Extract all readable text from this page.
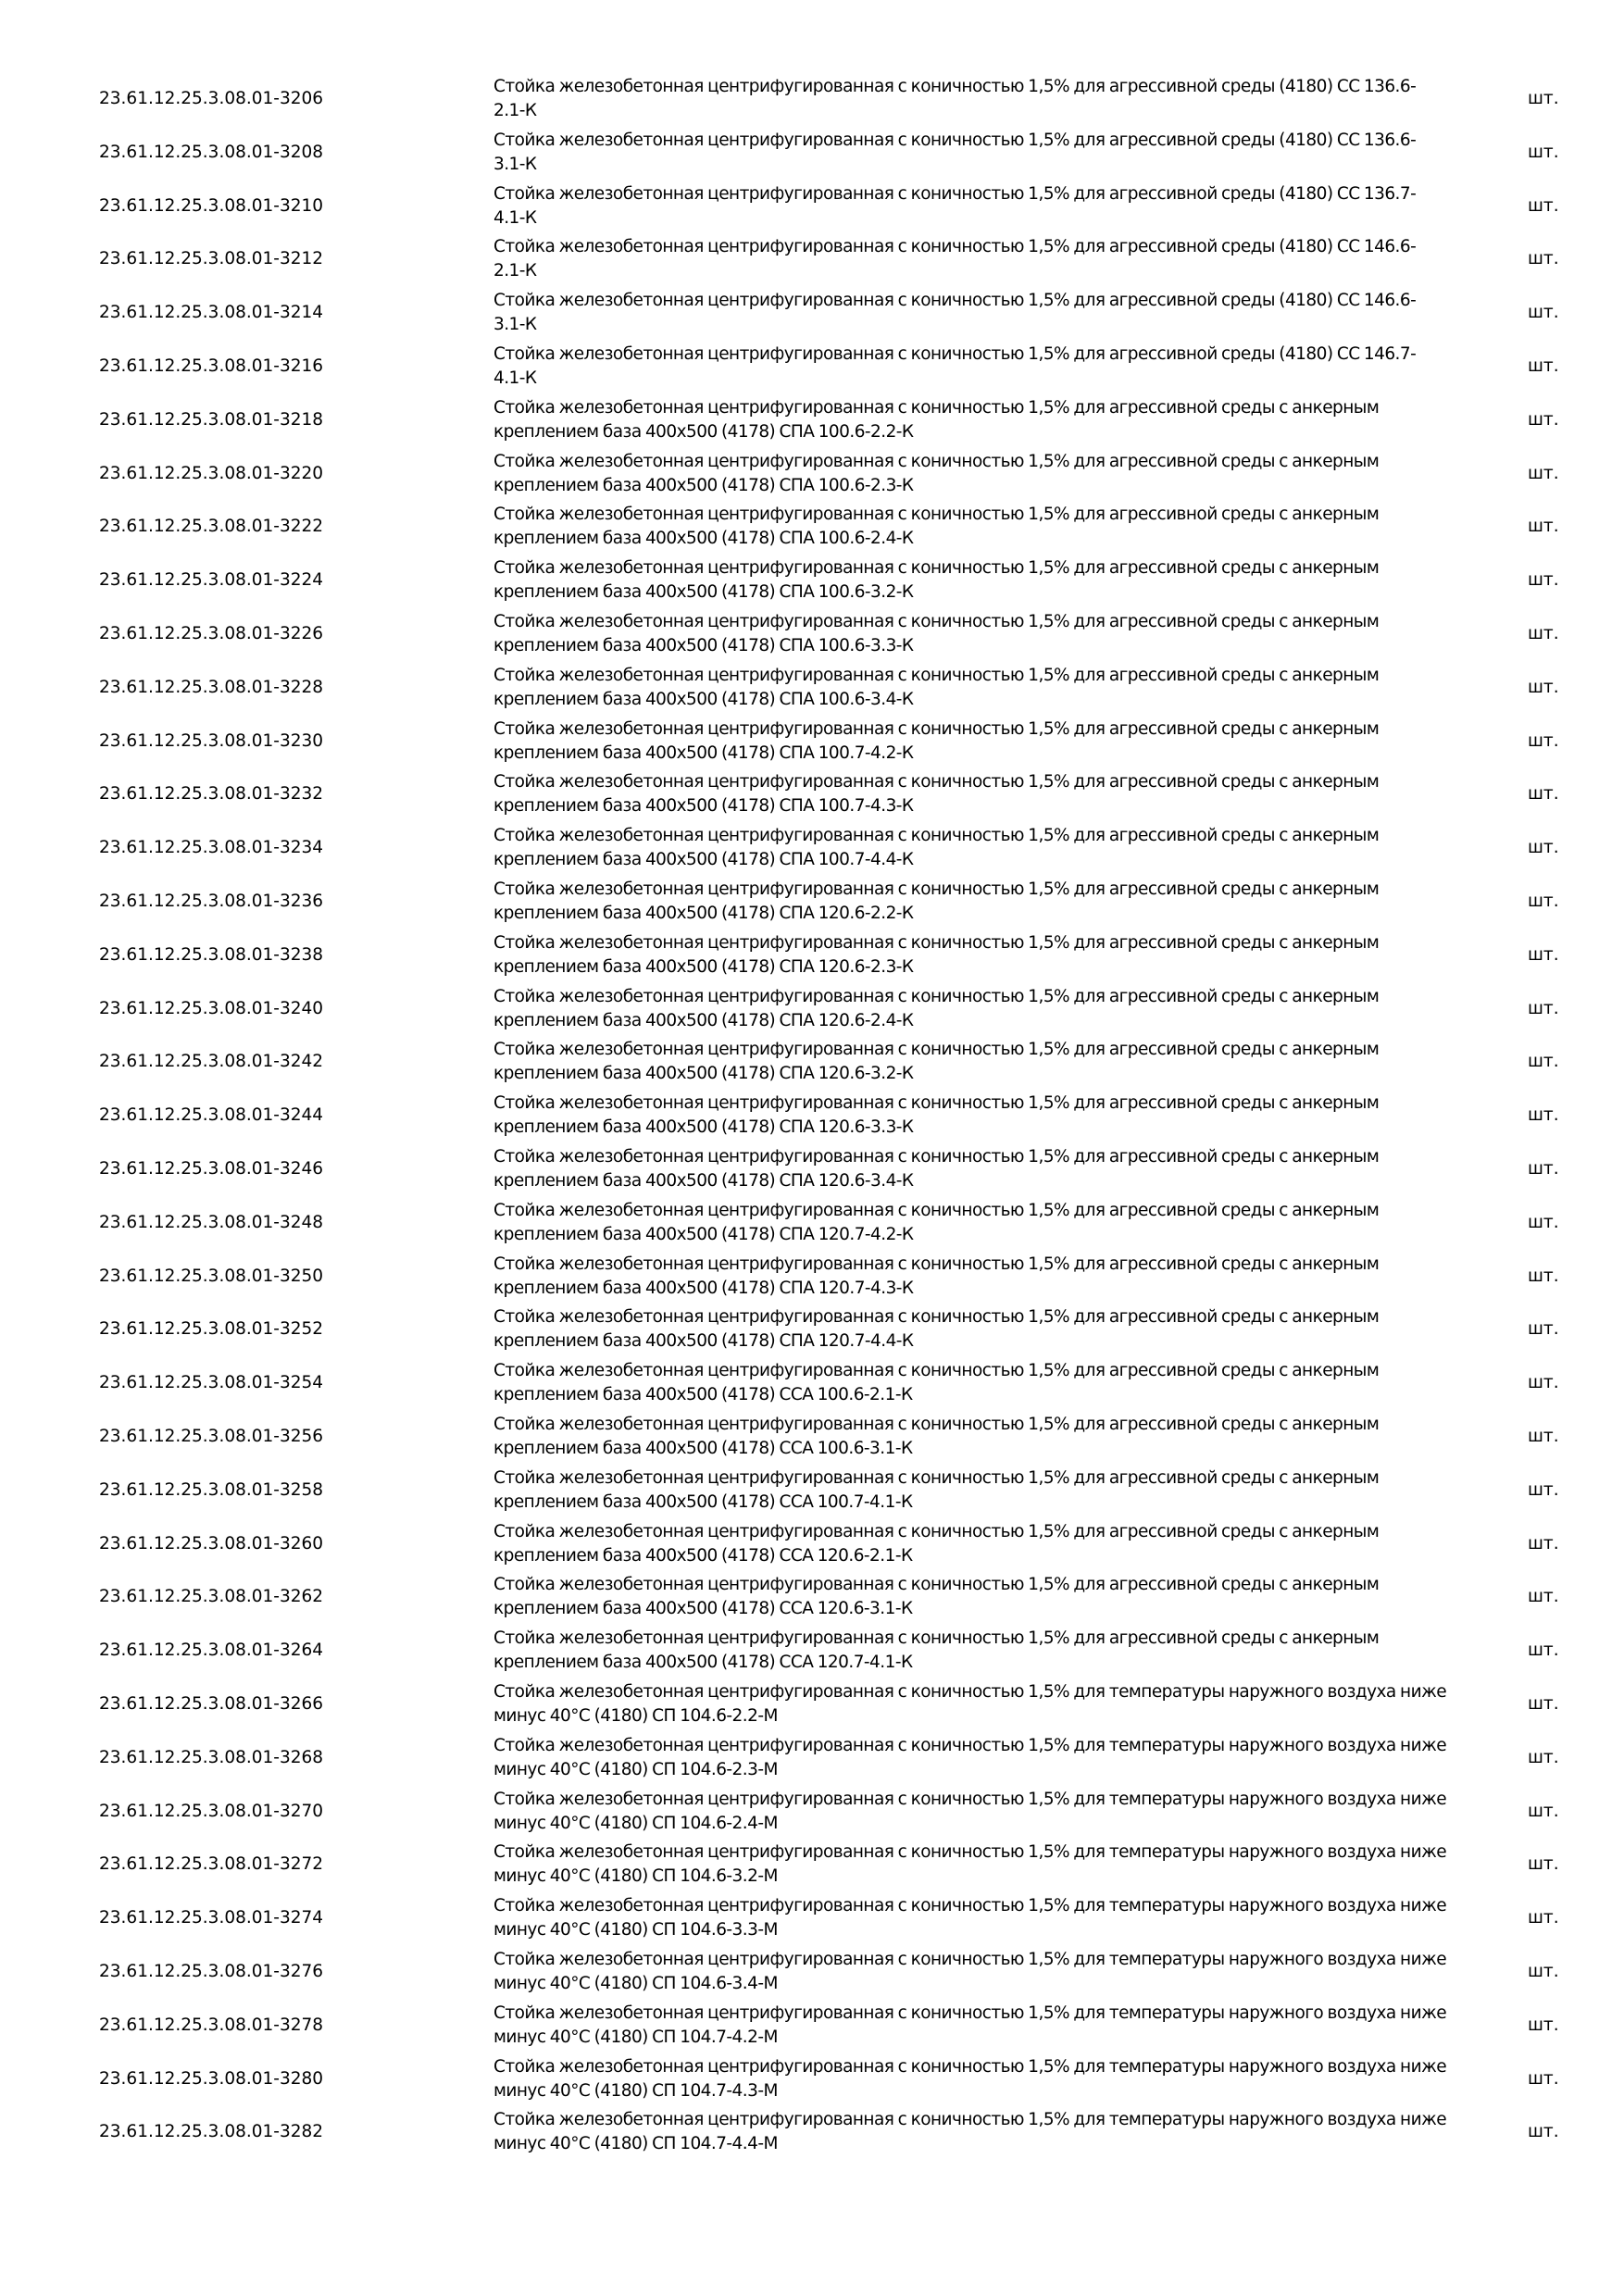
23.61.12.25.3.08.01-3206
Стойка железобетонная центрифугированная с коничностью 1,5% для агрессивной среды (4180) СС 136.6-2.1-К
шт.
23.61.12.25.3.08.01-3208
Стойка железобетонная центрифугированная с коничностью 1,5% для агрессивной среды (4180) СС 136.6-3.1-К
шт.
23.61.12.25.3.08.01-3210
Стойка железобетонная центрифугированная с коничностью 1,5% для агрессивной среды (4180) СС 136.7-4.1-К
шт.
23.61.12.25.3.08.01-3212
Стойка железобетонная центрифугированная с коничностью 1,5% для агрессивной среды (4180) СС 146.6-2.1-К
шт.
23.61.12.25.3.08.01-3214
Стойка железобетонная центрифугированная с коничностью 1,5% для агрессивной среды (4180) СС 146.6-3.1-К
шт.
23.61.12.25.3.08.01-3216
Стойка железобетонная центрифугированная с коничностью 1,5% для агрессивной среды (4180) СС 146.7-4.1-К
шт.
23.61.12.25.3.08.01-3218
Стойка железобетонная центрифугированная с коничностью 1,5% для агрессивной среды с анкерным креплением база 400х500 (4178) СПА 100.6-2.2-К
шт.
23.61.12.25.3.08.01-3220
Стойка железобетонная центрифугированная с коничностью 1,5% для агрессивной среды с анкерным креплением база 400х500 (4178) СПА 100.6-2.3-К
шт.
23.61.12.25.3.08.01-3222
Стойка железобетонная центрифугированная с коничностью 1,5% для агрессивной среды с анкерным креплением база 400х500 (4178) СПА 100.6-2.4-К
шт.
23.61.12.25.3.08.01-3224
Стойка железобетонная центрифугированная с коничностью 1,5% для агрессивной среды с анкерным креплением база 400х500 (4178) СПА 100.6-3.2-К
шт.
23.61.12.25.3.08.01-3226
Стойка железобетонная центрифугированная с коничностью 1,5% для агрессивной среды с анкерным креплением база 400х500 (4178) СПА 100.6-3.3-К
шт.
23.61.12.25.3.08.01-3228
Стойка железобетонная центрифугированная с коничностью 1,5% для агрессивной среды с анкерным креплением база 400х500 (4178) СПА 100.6-3.4-К
шт.
23.61.12.25.3.08.01-3230
Стойка железобетонная центрифугированная с коничностью 1,5% для агрессивной среды с анкерным креплением база 400х500 (4178) СПА 100.7-4.2-К
шт.
23.61.12.25.3.08.01-3232
Стойка железобетонная центрифугированная с коничностью 1,5% для агрессивной среды с анкерным креплением база 400х500 (4178) СПА 100.7-4.3-К
шт.
23.61.12.25.3.08.01-3234
Стойка железобетонная центрифугированная с коничностью 1,5% для агрессивной среды с анкерным креплением база 400х500 (4178) СПА 100.7-4.4-К
шт.
23.61.12.25.3.08.01-3236
Стойка железобетонная центрифугированная с коничностью 1,5% для агрессивной среды с анкерным креплением база 400х500 (4178) СПА 120.6-2.2-К
шт.
23.61.12.25.3.08.01-3238
Стойка железобетонная центрифугированная с коничностью 1,5% для агрессивной среды с анкерным креплением база 400х500 (4178) СПА 120.6-2.3-К
шт.
23.61.12.25.3.08.01-3240
Стойка железобетонная центрифугированная с коничностью 1,5% для агрессивной среды с анкерным креплением база 400х500 (4178) СПА 120.6-2.4-К
шт.
23.61.12.25.3.08.01-3242
Стойка железобетонная центрифугированная с коничностью 1,5% для агрессивной среды с анкерным креплением база 400х500 (4178) СПА 120.6-3.2-К
шт.
23.61.12.25.3.08.01-3244
Стойка железобетонная центрифугированная с коничностью 1,5% для агрессивной среды с анкерным креплением база 400х500 (4178) СПА 120.6-3.3-К
шт.
23.61.12.25.3.08.01-3246
Стойка железобетонная центрифугированная с коничностью 1,5% для агрессивной среды с анкерным креплением база 400х500 (4178) СПА 120.6-3.4-К
шт.
23.61.12.25.3.08.01-3248
Стойка железобетонная центрифугированная с коничностью 1,5% для агрессивной среды с анкерным креплением база 400х500 (4178) СПА 120.7-4.2-К
шт.
23.61.12.25.3.08.01-3250
Стойка железобетонная центрифугированная с коничностью 1,5% для агрессивной среды с анкерным креплением база 400х500 (4178) СПА 120.7-4.3-К
шт.
23.61.12.25.3.08.01-3252
Стойка железобетонная центрифугированная с коничностью 1,5% для агрессивной среды с анкерным креплением база 400х500 (4178) СПА 120.7-4.4-К
шт.
23.61.12.25.3.08.01-3254
Стойка железобетонная центрифугированная с коничностью 1,5% для агрессивной среды с анкерным креплением база 400х500 (4178) ССА 100.6-2.1-К
шт.
23.61.12.25.3.08.01-3256
Стойка железобетонная центрифугированная с коничностью 1,5% для агрессивной среды с анкерным креплением база 400х500 (4178) ССА 100.6-3.1-К
шт.
23.61.12.25.3.08.01-3258
Стойка железобетонная центрифугированная с коничностью 1,5% для агрессивной среды с анкерным креплением база 400х500 (4178) ССА 100.7-4.1-К
шт.
23.61.12.25.3.08.01-3260
Стойка железобетонная центрифугированная с коничностью 1,5% для агрессивной среды с анкерным креплением база 400х500 (4178) ССА 120.6-2.1-К
шт.
23.61.12.25.3.08.01-3262
Стойка железобетонная центрифугированная с коничностью 1,5% для агрессивной среды с анкерным креплением база 400х500 (4178) ССА 120.6-3.1-К
шт.
23.61.12.25.3.08.01-3264
Стойка железобетонная центрифугированная с коничностью 1,5% для агрессивной среды с анкерным креплением база 400х500 (4178) ССА 120.7-4.1-К
шт.
23.61.12.25.3.08.01-3266
Стойка железобетонная центрифугированная с коничностью 1,5% для температуры наружного воздуха ниже минус 40°С (4180) СП 104.6-2.2-М
шт.
23.61.12.25.3.08.01-3268
Стойка железобетонная центрифугированная с коничностью 1,5% для температуры наружного воздуха ниже минус 40°С (4180) СП 104.6-2.3-М
шт.
23.61.12.25.3.08.01-3270
Стойка железобетонная центрифугированная с коничностью 1,5% для температуры наружного воздуха ниже минус 40°С (4180) СП 104.6-2.4-М
шт.
23.61.12.25.3.08.01-3272
Стойка железобетонная центрифугированная с коничностью 1,5% для температуры наружного воздуха ниже минус 40°С (4180) СП 104.6-3.2-М
шт.
23.61.12.25.3.08.01-3274
Стойка железобетонная центрифугированная с коничностью 1,5% для температуры наружного воздуха ниже минус 40°С (4180) СП 104.6-3.3-М
шт.
23.61.12.25.3.08.01-3276
Стойка железобетонная центрифугированная с коничностью 1,5% для температуры наружного воздуха ниже минус 40°С (4180) СП 104.6-3.4-М
шт.
23.61.12.25.3.08.01-3278
Стойка железобетонная центрифугированная с коничностью 1,5% для температуры наружного воздуха ниже минус 40°С (4180) СП 104.7-4.2-М
шт.
23.61.12.25.3.08.01-3280
Стойка железобетонная центрифугированная с коничностью 1,5% для температуры наружного воздуха ниже минус 40°С (4180) СП 104.7-4.3-М
шт.
23.61.12.25.3.08.01-3282
Стойка железобетонная центрифугированная с коничностью 1,5% для температуры наружного воздуха ниже минус 40°С (4180) СП 104.7-4.4-М
шт.
